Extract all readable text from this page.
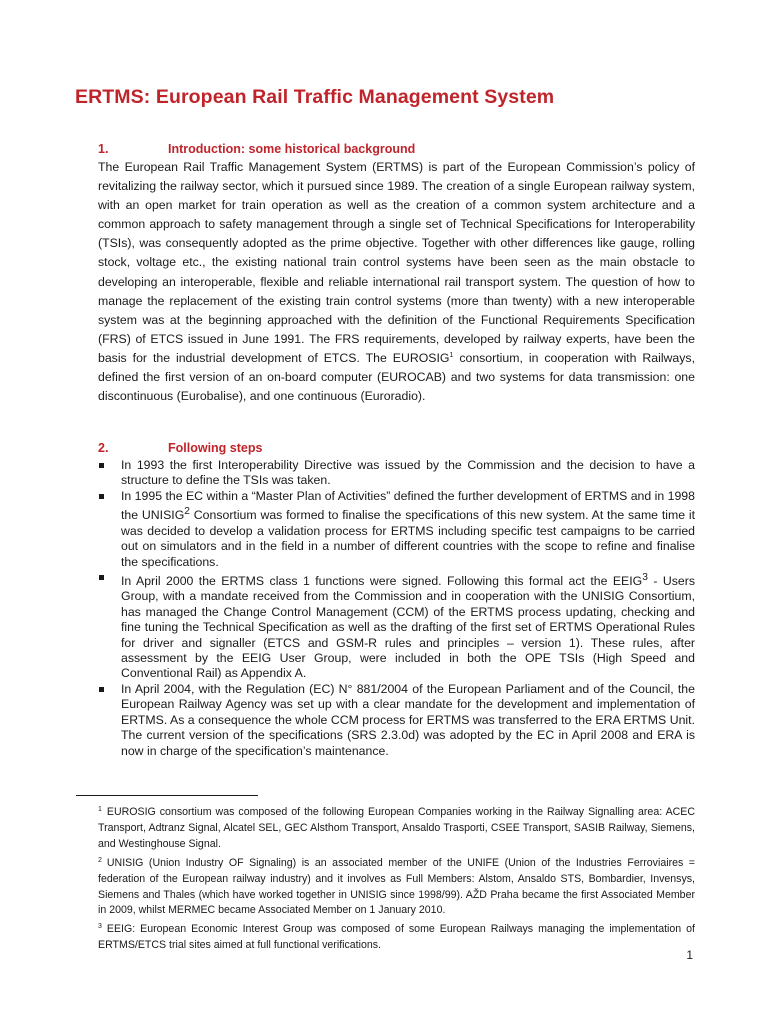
ERTMS: European Rail Traffic Management System
1.	Introduction: some historical background

The European Rail Traffic Management System (ERTMS) is part of the European Commission’s policy of revitalizing the railway sector, which it pursued since 1989. The creation of a single European railway system, with an open market for train operation as well as the creation of a common system architecture and a common approach to safety management through a single set of Technical Specifications for Interoperability (TSIs), was consequently adopted as the prime objective. Together with other differences like gauge, rolling stock, voltage etc., the existing national train control systems have been seen as the main obstacle to developing an interoperable, flexible and reliable international rail transport system. The question of how to manage the replacement of the existing train control systems (more than twenty) with a new interoperable system was at the beginning approached with the definition of the Functional Requirements Specification (FRS) of ETCS issued in June 1991. The FRS requirements, developed by railway experts, have been the basis for the industrial development of ETCS. The EUROSIG$^1$ consortium, in cooperation with Railways, defined the first version of an on-board computer (EUROCAB) and two systems for data transmission: one discontinuous (Eurobalise), and one continuous (Euroradio).

2.	Following steps
In 1993 the first Interoperability Directive was issued by the Commission and the decision to have a structure to define the TSIs was taken.
In 1995 the EC within a “Master Plan of Activities” defined the further development of ERTMS and in 1998 the UNISIG$^2$ Consortium was formed to finalise the specifications of this new system. At the same time it was decided to develop a validation process for ERTMS including specific test campaigns to be carried out on simulators and in the field in a number of different countries with the scope to refine and finalise the specifications.
In April 2000 the ERTMS class 1 functions were signed. Following this formal act the EEIG$^3$ - Users Group, with a mandate received from the Commission and in cooperation with the UNISIG Consortium, has managed the Change Control Management (CCM) of the ERTMS process updating, checking and fine tuning the Technical Specification as well as the drafting of the first set of ERTMS Operational Rules for driver and signaller (ETCS and GSM-R rules and principles – version 1). These rules, after assessment by the EEIG User Group, were included in both the OPE TSIs (High Speed and Conventional Rail) as Appendix A.
In April 2004, with the Regulation (EC) N° 881/2004 of the European Parliament and of the Council, the European Railway Agency was set up with a clear mandate for the development and implementation of ERTMS. As a consequence the whole CCM process for ERTMS was transferred to the ERA ERTMS Unit. The current version of the specifications (SRS 2.3.0d) was adopted by the EC in April 2008 and ERA is now in charge of the specification’s maintenance.

$^1$ EUROSIG consortium was composed of the following European Companies working in the Railway Signalling area: ACEC Transport, Adtranz Signal, Alcatel SEL, GEC Alsthom Transport, Ansaldo Trasporti, CSEE Transport, SASIB Railway, Siemens, and Westinghouse Signal.

$^2$ UNISIG (Union Industry OF Signaling) is an associated member of the UNIFE (Union of the Industries Ferroviaires = federation of the European railway industry) and it involves as Full Members: Alstom, Ansaldo STS, Bombardier, Invensys, Siemens and Thales (which have worked together in UNISIG since 1998/99). AŽD Praha became the first Associated Member in 2009, whilst MERMEC became Associated Member on 1 January 2010.

$^3$ EEIG: European Economic Interest Group was composed of some European Railways managing the implementation of ERTMS/ETCS trial sites aimed at full functional verifications.

1
